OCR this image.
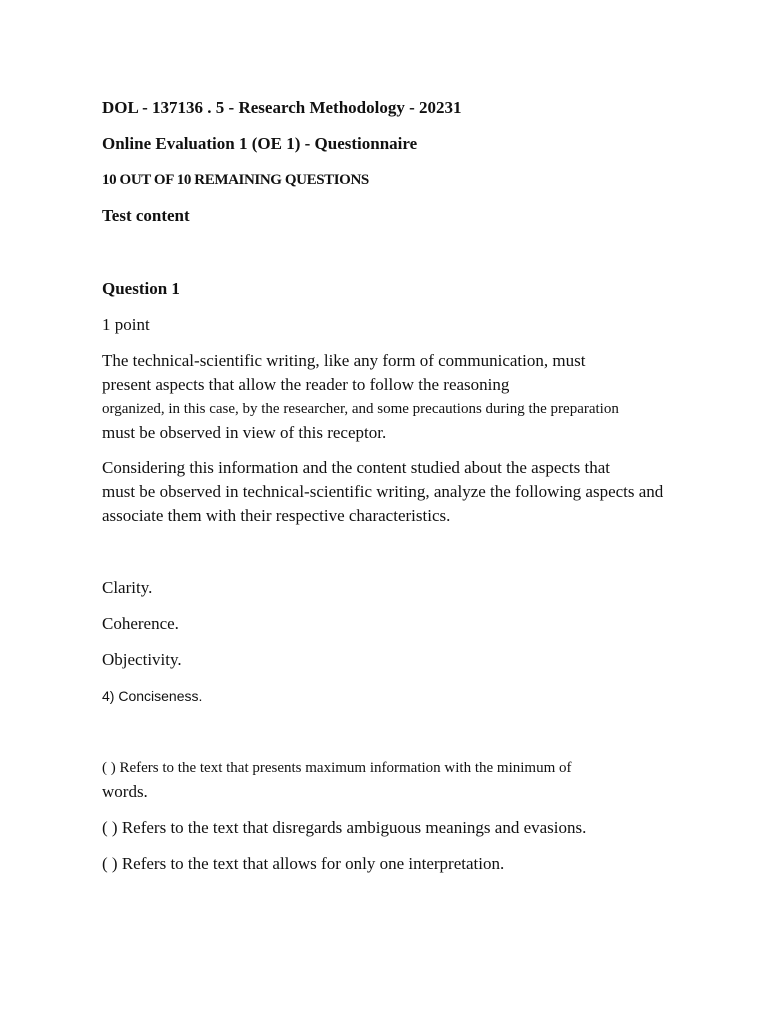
DOL - 137136 . 5 - Research Methodology - 20231
Online Evaluation 1 (OE 1) - Questionnaire
10 OUT OF 10 REMAINING QUESTIONS
Test content
Question 1
1 point
The technical-scientific writing, like any form of communication, must
present aspects that allow the reader to follow the reasoning
organized, in this case, by the researcher, and some precautions during the preparation
must be observed in view of this receptor.
Considering this information and the content studied about the aspects that
must be observed in technical-scientific writing, analyze the following aspects and
associate them with their respective characteristics.
Clarity.
Coherence.
Objectivity.
4) Conciseness.
( ) Refers to the text that presents maximum information with the minimum of
words.
( ) Refers to the text that disregards ambiguous meanings and evasions.
( ) Refers to the text that allows for only one interpretation.
